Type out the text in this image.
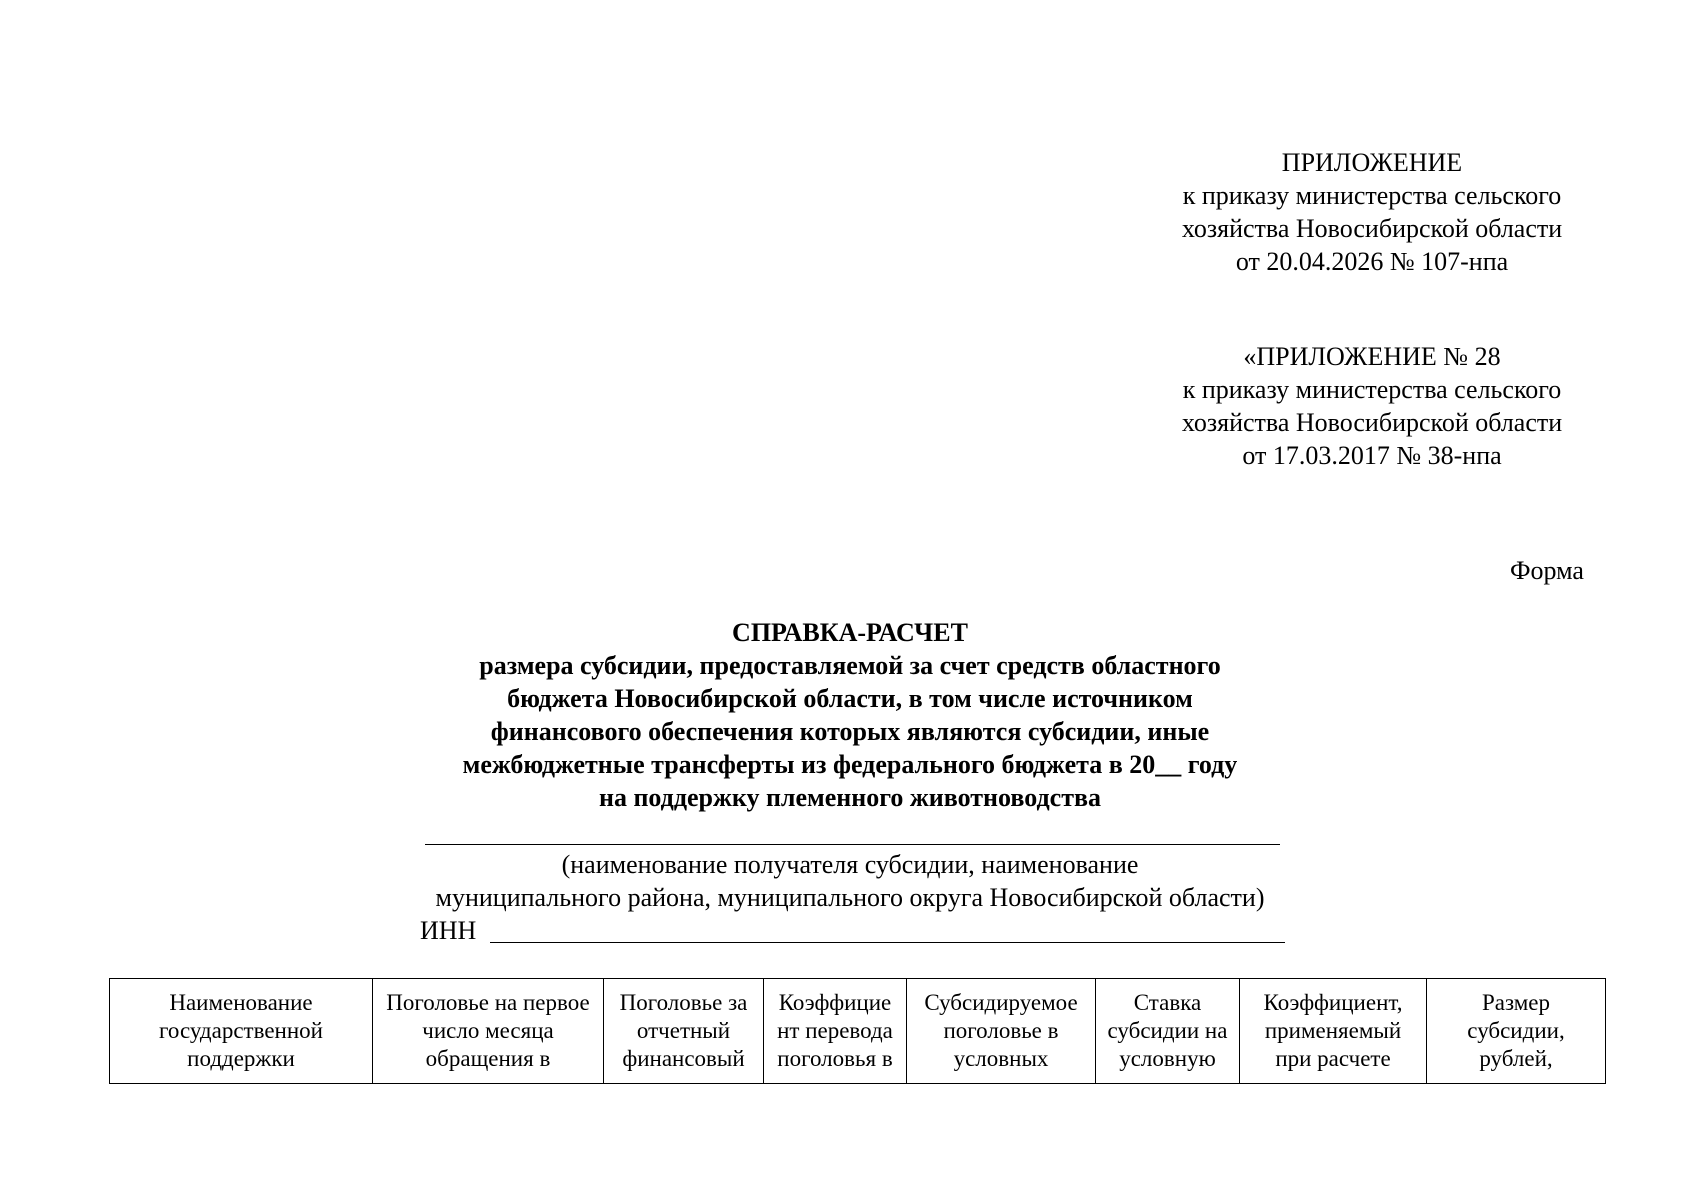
ПРИЛОЖЕНИЕ
к приказу министерства сельского
хозяйства Новосибирской области
от 20.04.2026 № 107-нпа
«ПРИЛОЖЕНИЕ № 28
к приказу министерства сельского
хозяйства Новосибирской области
от 17.03.2017 № 38-нпа
Форма
СПРАВКА-РАСЧЕТ
размера субсидии, предоставляемой за счет средств областного
бюджета Новосибирской области, в том числе источником
финансового обеспечения которых являются субсидии, иные
межбюджетные трансферты из федерального бюджета в 20__ году
на поддержку племенного животноводства
(наименование получателя субсидии, наименование
муниципального района, муниципального округа Новосибирской области)
ИНН
Наименование государственной поддержки	Поголовье на первое число месяца обращения в	Поголовье за отчетный финансовый	Коэффицие нт перевода поголовья в	Субсидируемое поголовье в условных	Ставка субсидии на условную	Коэффициент, применяемый при расчете	Размер субсидии, рублей,
